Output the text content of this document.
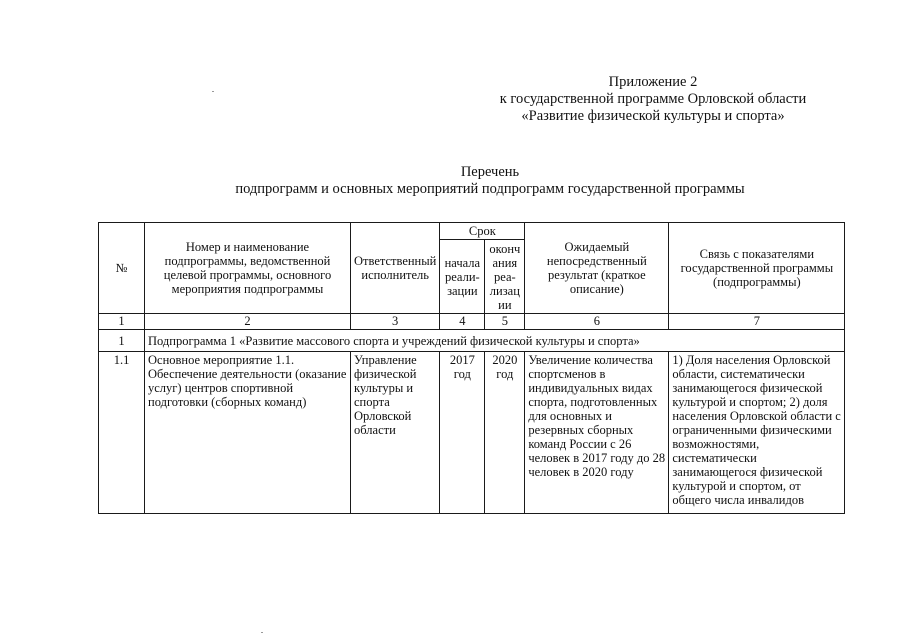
Приложение 2
к государственной программе Орловской области
«Развитие физической культуры и спорта»
Перечень
подпрограмм и основных мероприятий подпрограмм государственной программы
№	Номер и наименование подпрограммы, ведомственной целевой программы, основного мероприятия подпрограммы	Ответственный исполнитель	Срок		Ожидаемый непосредственный результат (краткое описание)	Связь с показателями государственной программы (подпрограммы)
			начала реали-зации	оконч ания реа-лизац ии		
1	2	3	4	5	6	7
1	Подпрограмма 1 «Развитие массового спорта и учреждений физической культуры и спорта»					
1.1	Основное мероприятие 1.1. Обеспечение деятельности (оказание услуг) центров спортивной подготовки (сборных команд)	Управление физической культуры и спорта Орловской области	2017 год	2020 год	Увеличение количества спортсменов в индивидуальных видах спорта, подготовленных для основных и резервных сборных команд России с 26 человек в 2017 году до 28 человек в 2020 году	1) Доля населения Орловской области, систематически занимающегося физической культурой и спортом; 2) доля населения Орловской области с ограниченными физическими возможностями, систематически занимающегося физической культурой и спортом, от общего числа инвалидов
